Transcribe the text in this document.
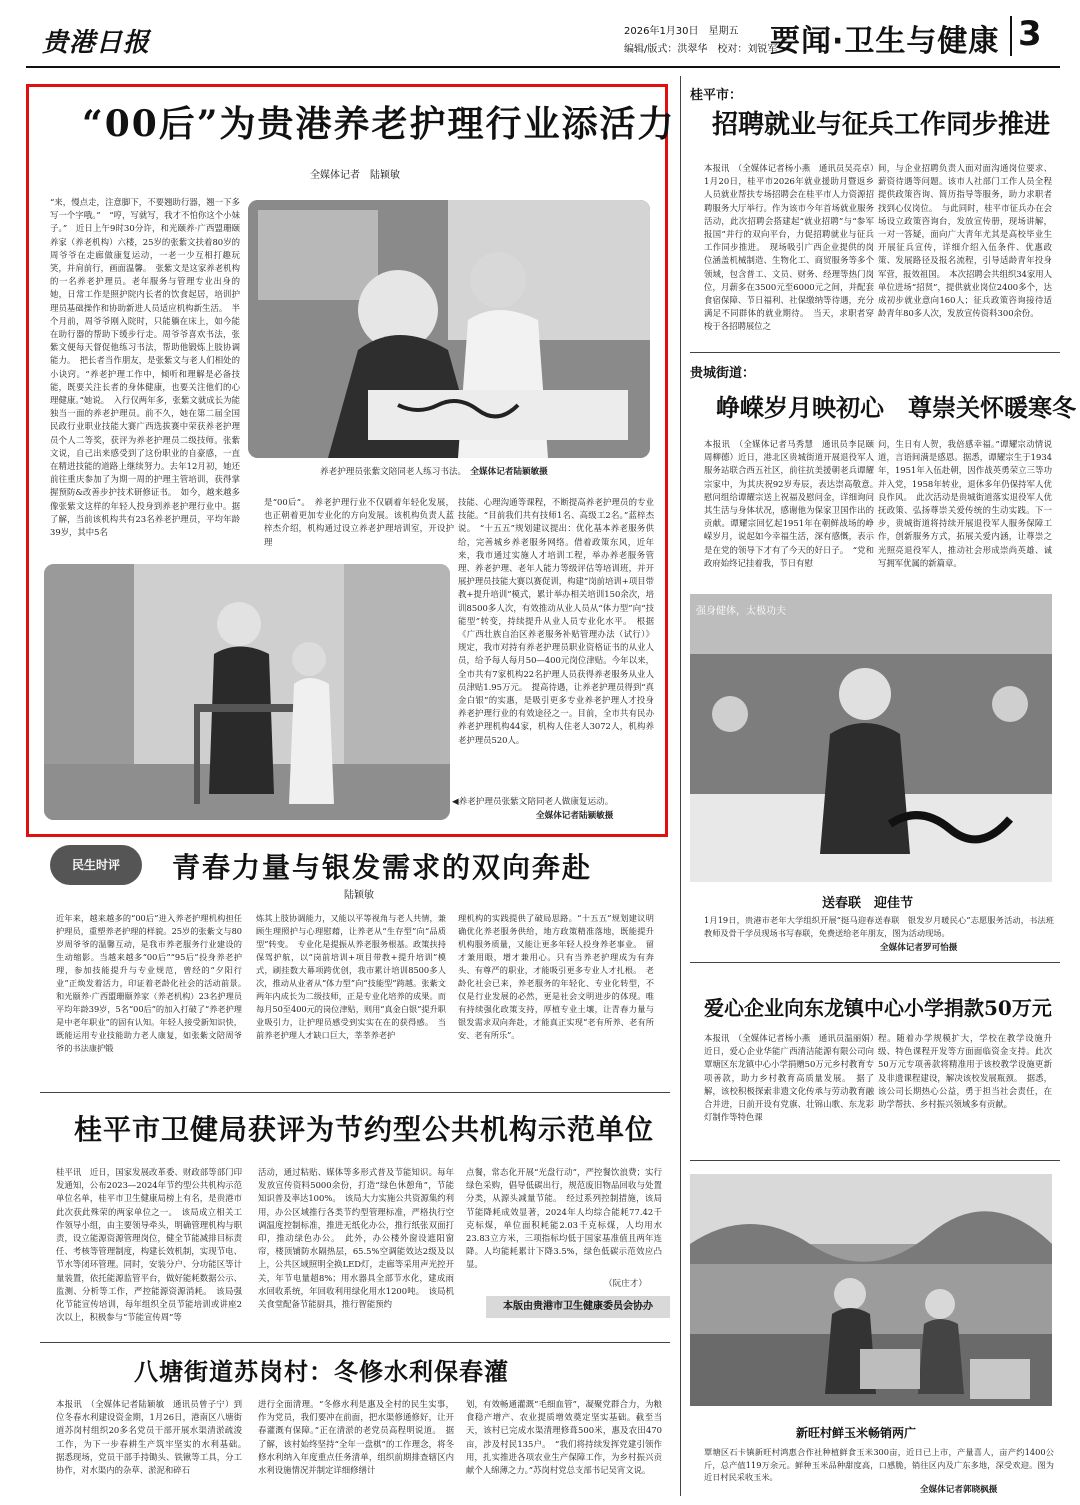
贵港日报	2026年1月30日　星期五
编辑/版式：洪翠华　校对：刘锐军
要闻·卫生与健康 3
“00后”为贵港养老护理行业添活力
全媒体记者　陆颖敏
“来，慢点走，注意脚下，不要翘助行器，翘一下多写一个字哦。”　“哼，写就写，我才不怕你这个小妹子。”　近日上午9时30分许，和光颐养·广西盟珊颐养家（养老机构）六楼，25岁的张紫文扶着80岁的周爷爷在走廊做康复运动，一老一少互相打趣玩笑，并肩前行，画面温馨。　张紫文是这家养老机构的一名养老护理员。老年服务与管理专业出身的她，日常工作是照护院内长者的饮食起居，培训护理员基础操作和协助新进人员适应机构新生活。　半个月前，周爷爷刚入院时，只能躺在床上，如今能在助行器的帮助下缓步行走。周爷爷喜欢书法，张紫文便每天督促他练习书法，帮助他锻炼上肢协调能力。　把长者当作朋友，是张紫文与老人们相处的小诀窍。“养老护理工作中，倾听和理解是必备技能，既要关注长者的身体健康，也要关注他们的心理健康。”她说。　入行仅两年多，张紫文就成长为能独当一面的养老护理员。前不久，她在第二届全国民政行业职业技能大赛广西选拔赛中荣获养老护理员个人二等奖，获评为养老护理员二级技师。张紫文说，自己出来感受到了这份职业的自豪感，一直在精进技能的道路上继续努力。去年12月初，她还前往重庆参加了为期一周的护理主管培训，获得掌握预防&改善步护技术研修证书。　如今，越来越多像张紫文这样的年轻人投身到养老护理行业中。据了解，当前该机构共有23名养老护理员，平均年龄39岁，其中5名
养老护理员张紫文陪同老人练习书法。　 全媒体记者陆颖敏摄
是“00后”。　养老护理行业不仅刷着年轻化发展，也正朝着更加专业化的方向发展。该机构负责人蓝梓杰介绍，机构通过设立养老护理培训室，开设护理
技能、心理沟通等课程，不断提高养老护理员的专业技能。“目前我们共有技师1名、高级工2名。”蓝梓杰说。　“十五五”规划建议提出：优化基本养老服务供给，完善城乡养老服务网络。借着政策东风，近年来，我市通过实施人才培训工程，举办养老服务管理、养老护理、老年人能力等级评估等培训班，并开展护理员技能大赛以赛促训，构建“岗前培训+项目带教+提升培训”模式，累计举办相关培训150余次，培训8500多人次，有效推动从业人员从“体力型”向“技能型”转变，持续提升从业人员专业化水平。　根据《广西壮族自治区养老服务补贴管理办法（试行）》规定，我市对持有养老护理员职业资格证书的从业人员，给予每人每月50—400元岗位津贴。今年以来，全市共有7家机构22名护理人员获得养老服务从业人员津贴1.95万元。　提高待遇，让养老护理员得到“真金白银”的实惠，是吸引更多专业养老护理人才投身养老护理行业的有效途径之一。目前，全市共有民办养老护理机构44家，机构人住老人3072人，机构养老护理员520人。
◀养老护理员张紫文陪同老人做康复运动。
全媒体记者陆颖敏摄
民生时评	青春力量与银发需求的双向奔赴
陆颖敏
近年来，越来越多的“00后”进入养老护理机构担任护理员，重塑养老护理的样貌。25岁的张紫文与80岁周爷爷的温馨互动，是我市养老服务行业建设的生动缩影。当越来越多“00后”“95后”投身养老护理，参加技能提升与专业规范，曾经的“夕阳行业”正焕发着活力，印证着老龄化社会的活动前景。　和光颐养·广西盟珊颐养家（养老机构）23名护理员平均年龄39岁，5名“00后”的加入打破了“养老护理是中老年职业”的固有认知。年轻人接受新知识快，既能运用专业技能助力老人康复，如张紫文陪周爷爷的书法康护锻
炼其上肢协调能力，又能以平等视角与老人共情，兼顾生理照护与心理慰藉，让养老从“生存型”向“品质型”转变。　专业化是提振从养老服务根基。政策扶持保驾护航，以“岗前培训+项目带教+提升培训”模式，刷挂数大幕项跨优创，我市累计培训8500多人次，推动从业者从“体力型”向“技能型”跨越。张紫文两年内成长为二级技师，正是专业化培养的成果。而每月50至400元的岗位津贴，则用“真金白银”提升职业吸引力，让护理员感受到实实在在的获得感。　当前养老护理人才缺口巨大，莘莘养老护
理机构的实践提供了破局思路。“十五五”规划建议明确优化养老服务供给，地方政策精准落地，既能提升机构服务质量，又能让更多年轻人投身养老事业。　留才兼用眼，增才兼用心。只有当养老护理成为有奔头、有尊严的职业，才能吸引更多专业人才扎根。　老龄化社会已来，养老服务的年轻化、专业化转型，不仅是行业发展的必然，更是社会文明进步的体现。唯有持续强化政策支持，厚植专业土壤，让青春力量与银发需求双向奔赴，才能真正实现“老有所养、老有所安、老有所乐”。
桂平市卫健局获评为节约型公共机构示范单位
桂平讯　近日，国家发展改革委、财政部等部门印发通知，公布2023—2024年节约型公共机构示范单位名单，桂平市卫生健康局榜上有名，是贵港市此次获此殊荣的两家单位之一。　该局成立相关工作领导小组，由主要领导牵头，明确管理机构与职责，设立能源资源管理岗位，健全节能减排目标责任、考核等管理制度，构建长效机制，实现节电、节水等闭环管理。同时，安装分户、分功能区等计量装置，依托能源监管平台，做好能耗数据公示、监测、分析等工作，严控能源资源消耗。　该局强化节能宣传培训，每年组织全员节能培训或讲座2次以上，积极参与“节能宣传周”等
活动，通过粘贴、媒体等多形式普及节能知识。每年发放宣传资料5000余份，打造“绿色休憩角”，节能知识普及率达100%。　该局大力实施公共资源集约利用，办公区域推行各类节约型管理标准，严格执行空调温度控制标准，推进无纸化办公，推行纸张双面打印，推动绿色办公。　此外，办公楼外窗设遮阳窗帘，楼顶铺防水隔热层，65.5%空调能效达2级及以上，公共区域照明全换LED灯，走廊等采用声光控开关，年节电量超8%；用水器具全部节水化，建成雨水回收系统，年回收利用绿化用水1200吨。　该局机关食堂配备节能厨具，推行智能预约
点餐，常态化开展“光盘行动”，严控餐饮浪费；实行绿色采购，倡导低碳出行，规范废旧物品回收与处置分类，从源头减量节能。　经过系列控制措施，该局节能降耗成效显著，2024年人均综合能耗77.42千克标煤，单位面积耗能2.03千克标煤，人均用水23.83立方米，三项指标均低于国家基准值且两年连降。人均能耗累计下降3.5%，绿色低碳示范效应凸显。
（阮庄才）
本版由贵港市卫生健康委员会协办
八塘街道苏岗村：冬修水利保春灌
本报讯　（全媒体记者陆颖敏　通讯员曾子宁）到位冬春水利建设资金期，1月26日，港南区八塘街道苏岗村组织20多名党员干部开展水渠清淤疏浚工作，为下一步春耕生产筑牢坚实的水利基础。　据悉现场，党员干部手持锄头、铁锹等工具，分工协作，对水渠内的杂草、淤泥和碎石
进行全面清理。“冬修水利是惠及全村的民生实事，作为党员，我们要冲在前面，把水渠修通修好，让开春灌溉有保障。”正在清淤的老党员高程明说道。　据了解，该村始终坚持“全年一盘棋”的工作理念，将冬修水利纳入年度重点任务清单，组织前期排查辖区内水利设施情况并制定详细修缮计
划，有效畅通灌溉“毛细血管”，凝聚党群合力，为粮食稳产增产、农业提质增效奠定坚实基础。截至当天，该村已完成水渠清理修葺500米，惠及农田470亩，涉及村民135户。　“我们将持续发挥党建引领作用，扎实推进各项农业生产保障工作，为乡村振兴贡献个人绵薄之力。”苏岗村党总支部书记吴宵文说。
桂平市：
招聘就业与征兵工作同步推进
本报讯　（全媒体记者杨小燕　通讯员吴亮卓）1月20日，桂平市2026年就业援助月暨返乡人员就业帮扶专场招聘会在桂平市人力资源招聘服务大厅举行。作为该市今年首场就业服务活动，此次招聘会搭建起“就业招聘”与“参军报国”并行的双向平台，力促招聘就业与征兵工作同步推进。　现场吸引广西企业提供的岗位涵盖机械制造、生物化工、商贸服务等多个领域，包含普工、文员、财务、经理等热门岗位，月薪多在3500元至6000元之间，并配套食宿保障、节日福利、社保缴纳等待遇，充分满足不同群体的就业期待。　当天，求职者穿梭于各招聘展位之
间，与企业招聘负责人面对面沟通岗位要求、薪资待遇等问题。该市人社部门工作人员全程提供政策咨询、简历指导等服务，助力求职者找到心仪岗位。　与此同时，桂平市征兵办在会场设立政策咨询台，发放宣传册，现场讲解，一对一答疑，面向广大青年尤其是高校毕业生开展征兵宣传，详细介绍入伍条件、优惠政策、发展路径及报名流程，引导适龄青年投身军营，报效祖国。　本次招聘会共组织34家用人单位进场“招贤”，提供就业岗位2400多个，达成初步就业意向160人；征兵政策咨询接待适龄青年80多人次，发放宣传资料300余份。
贵城街道：
峥嵘岁月映初心　尊崇关怀暖寒冬
本报讯　（全媒体记者马秀慧　通讯员李昆颐　周柳德）近日，港北区贵城街道开展退役军人服务站联合西五社区，前往抗美援朝老兵谭耀宗家中，为其庆祝92岁寿辰，表达崇高敬意。　慰问组给谭耀宗送上祝福及慰问金，详细询问其生活与身体状况，感谢他为保家卫国作出的贡献。谭耀宗回忆起1951年在朝鲜战场的峥嵘岁月，说起如今幸福生活，深有感慨，表示是在党的领导下才有了今天的好日子。　“党和政府始终记挂着我，节日有慰
问，生日有人贺，我倍感幸福。”谭耀宗动情说道，言语间满是感恩。据悉，谭耀宗生于1934年，1951年入伍赴朝，因作战英勇荣立三等功并入党，1958年转业，退休多年仍保持军人优良作风。　此次活动是贵城街道落实退役军人优抚政策、弘扬尊崇关爱传统的生动实践。下一步，贵城街道将持续开展退役军人服务保障工作，创新服务方式，拓展关爱内涵，让尊崇之光照亮退役军人，推动社会形成崇尚英雄、诚写拥军优属的新篇章。
强身健体，太极功夫
送春联　迎佳节
1月19日，贵港市老年大学组织开展“挺马迎春送春联　银发岁月暖民心”志愿服务活动，书法班教师及骨干学员现场书写春联，免费送给老年朋友，图为活动现场。
全媒体记者罗可怡摄
爱心企业向东龙镇中心小学捐款50万元
本报讯　（全媒体记者杨小燕　通讯员温丽娟）近日，爱心企业华能广西清洁能源有限公司向覃塘区东龙镇中心小学捐赠50万元乡村教育专项善款，助力乡村教育高质量发展。　据了解，该校积极探索非遗文化传承与劳动教育融合并进，日前开设有党旗、壮锦山歌、东龙彩灯制作等特色课
程。随着办学规模扩大，学校在教学设施升级、特色课程开发等方面面临资金支持。此次50万元专项善款将精准用于该校教学设施更新及非遗课程建设，解决该校发展瓶颈。　据悉，该公司长期热心公益，勇于担当社会责任，在助学帮扶、乡村振兴领域多有贡献。
新旺村鲜玉米畅销两广
覃塘区石卡镇新旺村鸿惠合作社种植鲜食玉米300亩，近日已上市，产量喜人，亩产约1400公斤，总产值119万余元。鲜种玉米品种甜度高，口感脆，销往区内及广东多地，深受欢迎。图为近日村民采收玉米。
全媒体记者郭晓枫摄
